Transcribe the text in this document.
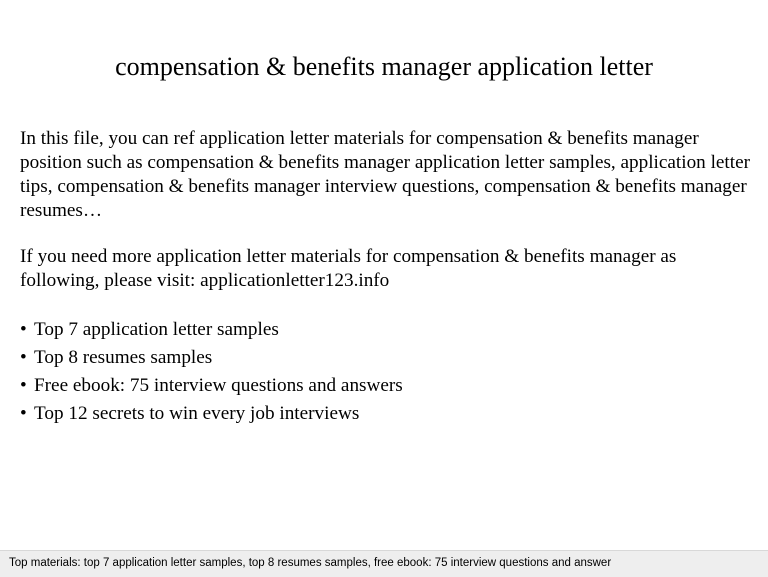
compensation & benefits manager application letter

In this file, you can ref application letter materials for compensation & benefits manager position such as compensation & benefits manager application letter samples, application letter tips, compensation & benefits manager interview questions, compensation & benefits manager resumes…

If you need more application letter materials for compensation & benefits manager as following, please visit: applicationletter123.info

• Top 7 application letter samples
• Top 8 resumes samples
• Free ebook: 75 interview questions and answers
• Top 12 secrets to win every job interviews
Top materials: top 7 application letter samples, top 8 resumes samples, free ebook: 75 interview questions and answer
